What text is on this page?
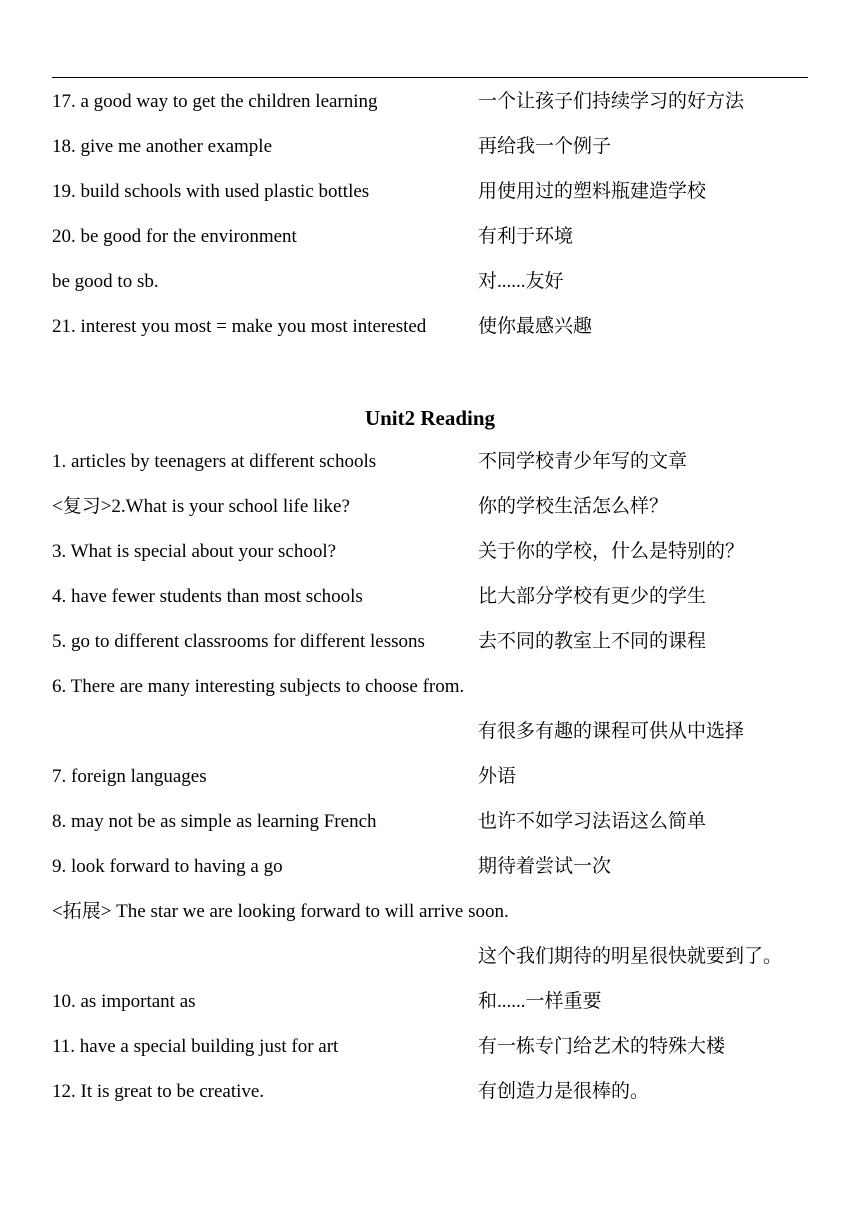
17. a good way to get the children learning	一个让孩子们持续学习的好方法
18. give me another example	再给我一个例子
19. build schools with used plastic bottles	用使用过的塑料瓶建造学校
20. be good for the environment	有利于环境
be good to sb.	对......友好
21. interest you most = make you most interested	使你最感兴趣
Unit2 Reading
1. articles by teenagers at different schools	不同学校青少年写的文章
<复习>2.What is your school life like?	你的学校生活怎么样？
3. What is special about your school?	关于你的学校，什么是特别的？
4. have fewer students than most schools	比大部分学校有更少的学生
5. go to different classrooms for different lessons	去不同的教室上不同的课程
6. There are many interesting subjects to choose from.
有很多有趣的课程可供从中选择
7. foreign languages	外语
8. may not be as simple as learning French	也许不如学习法语这么简单
9. look forward to having a go	期待着尝试一次
<拓展> The star we are looking forward to will arrive soon.
这个我们期待的明星很快就要到了。
10. as important as	和......一样重要
11. have a special building just for art	有一栋专门给艺术的特殊大楼
12. It is great to be creative.	有创造力是很棒的。
